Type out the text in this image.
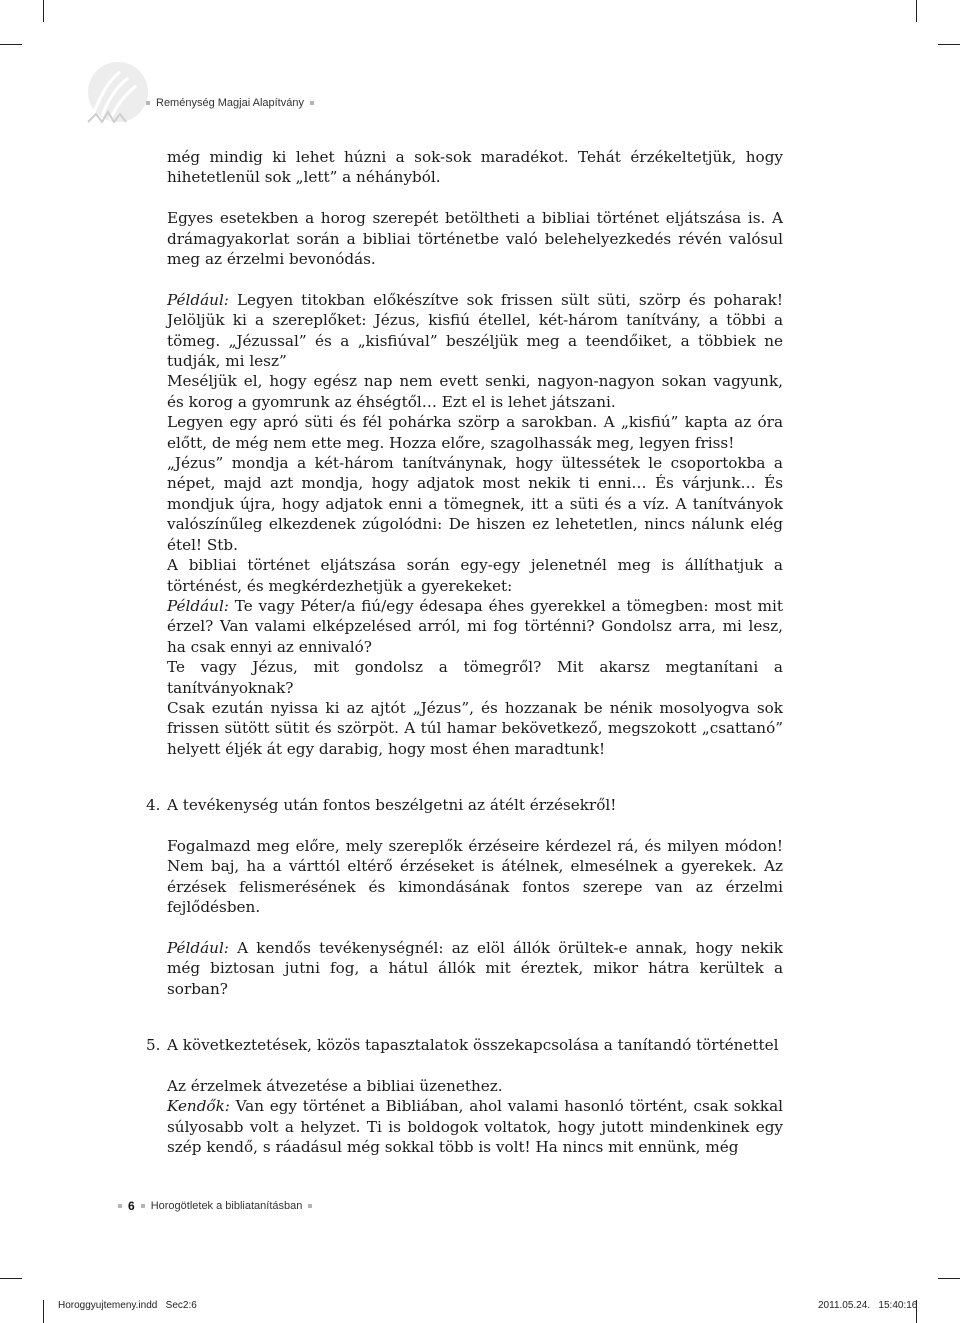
Reménység Magjai Alapítvány

még mindig ki lehet húzni a sok-sok maradékot. Tehát érzékeltetjük, hogy hihetetlenül sok „lett” a néhányból.

Egyes esetekben a horog szerepét betöltheti a bibliai történet eljátszása is. A drámagyakorlat során a bibliai történetbe való belehelyezkedés révén valósul meg az érzelmi bevonódás.

Például: Legyen titokban előkészítve sok frissen sült süti, szörp és poharak! Jelöljük ki a szereplőket: Jézus, kisfiú étellel, két-három tanítvány, a többi a tömeg. „Jézussal” és a „kisfiúval” beszéljük meg a teendőiket, a többiek ne tudják, mi lesz”

Meséljük el, hogy egész nap nem evett senki, nagyon-nagyon sokan vagyunk, és korog a gyomrunk az éhségtől… Ezt el is lehet játszani.

Legyen egy apró süti és fél pohárka szörp a sarokban. A „kisfiú” kapta az óra előtt, de még nem ette meg. Hozza előre, szagolhassák meg, legyen friss!

„Jézus” mondja a két-három tanítványnak, hogy ültessétek le csoportokba a népet, majd azt mondja, hogy adjatok most nekik ti enni… És várjunk… És mondjuk újra, hogy adjatok enni a tömegnek, itt a süti és a víz. A tanítványok valószínűleg elkezdenek zúgolódni: De hiszen ez lehetetlen, nincs nálunk elég étel! Stb.

A bibliai történet eljátszása során egy-egy jelenetnél meg is állíthatjuk a történést, és megkérdezhetjük a gyerekeket:

Például: Te vagy Péter/a fiú/egy édesapa éhes gyerekkel a tömegben: most mit érzel? Van valami elképzelésed arról, mi fog történni? Gondolsz arra, mi lesz, ha csak ennyi az ennivaló?

Te vagy Jézus, mit gondolsz a tömegről? Mit akarsz megtanítani a tanítványoknak?

Csak ezután nyissa ki az ajtót „Jézus”, és hozzanak be nénik mosolyogva sok frissen sütött sütit és szörpöt. A túl hamar bekövetkező, megszokott „csattanó” helyett éljék át egy darabig, hogy most éhen maradtunk!

4. A tevékenység után fontos beszélgetni az átélt érzésekről!

Fogalmazd meg előre, mely szereplők érzéseire kérdezel rá, és milyen módon! Nem baj, ha a várttól eltérő érzéseket is átélnek, elmesélnek a gyerekek. Az érzések felismerésének és kimondásának fontos szerepe van az érzelmi fejlődésben.

Például: A kendős tevékenységnél: az elöl állók örültek-e annak, hogy nekik még biztosan jutni fog, a hátul állók mit éreztek, mikor hátra kerültek a sorban?

5. A következtetések, közös tapasztalatok összekapcsolása a tanítandó történettel

Az érzelmek átvezetése a bibliai üzenethez.

Kendők: Van egy történet a Bibliában, ahol valami hasonló történt, csak sokkal súlyosabb volt a helyzet. Ti is boldogok voltatok, hogy jutott mindenkinek egy szép kendő, s ráadásul még sokkal több is volt! Ha nincs mit ennünk, még

6 Horogötletek a bibliatanításban
Horoggyujtemeny.indd   Sec2:6	2011.05.24.   15:40:16
